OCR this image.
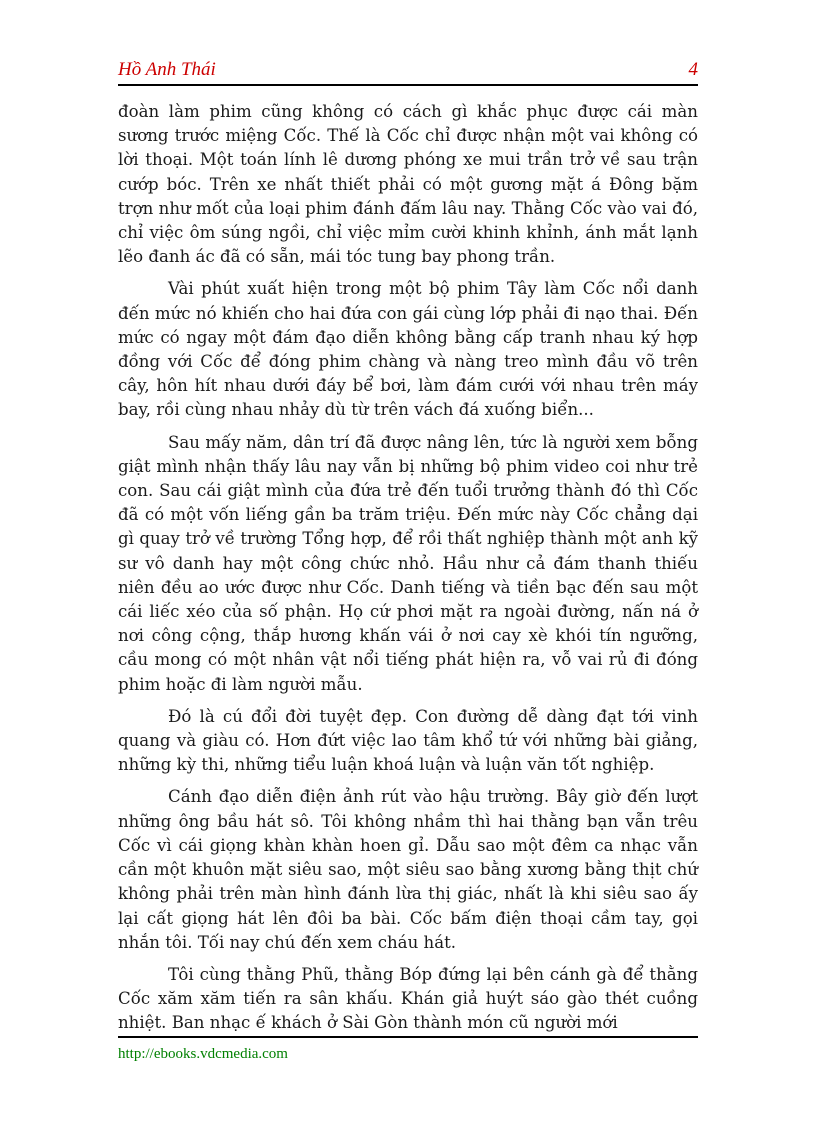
Hồ Anh Thái	4

đoàn làm phim cũng không có cách gì khắc phục được cái màn sương trước miệng Cốc. Thế là Cốc chỉ được nhận một vai không có lời thoại. Một toán lính lê dương phóng xe mui trần trở về sau trận cướp bóc. Trên xe nhất thiết phải có một gương mặt á Đông bặm trợn như mốt của loại phim đánh đấm lâu nay. Thằng Cốc vào vai đó, chỉ việc ôm súng ngồi, chỉ việc mỉm cười khinh khỉnh, ánh mắt lạnh lẽo đanh ác đã có sẵn, mái tóc tung bay phong trần.

Vài phút xuất hiện trong một bộ phim Tây làm Cốc nổi danh đến mức nó khiến cho hai đứa con gái cùng lớp phải đi nạo thai. Đến mức có ngay một đám đạo diễn không bằng cấp tranh nhau ký hợp đồng với Cốc để đóng phim chàng và nàng treo mình đầu võ trên cây, hôn hít nhau dưới đáy bể bơi, làm đám cưới với nhau trên máy bay, rồi cùng nhau nhảy dù từ trên vách đá xuống biển...

Sau mấy năm, dân trí đã được nâng lên, tức là người xem bỗng giật mình nhận thấy lâu nay vẫn bị những bộ phim video coi như trẻ con. Sau cái giật mình của đứa trẻ đến tuổi trưởng thành đó thì Cốc đã có một vốn liếng gần ba trăm triệu. Đến mức này Cốc chẳng dại gì quay trở về trường Tổng hợp, để rồi thất nghiệp thành một anh kỹ sư vô danh hay một công chức nhỏ. Hầu như cả đám thanh thiếu niên đều ao ước được như Cốc. Danh tiếng và tiền bạc đến sau một cái liếc xéo của số phận. Họ cứ phơi mặt ra ngoài đường, nấn ná ở nơi công cộng, thắp hương khấn vái ở nơi cay xè khói tín ngưỡng, cầu mong có một nhân vật nổi tiếng phát hiện ra, vỗ vai rủ đi đóng phim hoặc đi làm người mẫu.

Đó là cú đổi đời tuyệt đẹp. Con đường dễ dàng đạt tới vinh quang và giàu có. Hơn đứt việc lao tâm khổ tứ với những bài giảng, những kỳ thi, những tiểu luận khoá luận và luận văn tốt nghiệp.

Cánh đạo diễn điện ảnh rút vào hậu trường. Bây giờ đến lượt những ông bầu hát sô. Tôi không nhầm thì hai thằng bạn vẫn trêu Cốc vì cái giọng khàn khàn hoen gỉ. Dẫu sao một đêm ca nhạc vẫn cần một khuôn mặt siêu sao, một siêu sao bằng xương bằng thịt chứ không phải trên màn hình đánh lừa thị giác, nhất là khi siêu sao ấy lại cất giọng hát lên đôi ba bài. Cốc bấm điện thoại cầm tay, gọi nhắn tôi. Tối nay chú đến xem cháu hát.

Tôi cùng thằng Phũ, thằng Bóp đứng lại bên cánh gà để thằng Cốc xăm xăm tiến ra sân khấu. Khán giả huýt sáo gào thét cuồng nhiệt. Ban nhạc ế khách ở Sài Gòn thành món cũ người mới

http://ebooks.vdcmedia.com
